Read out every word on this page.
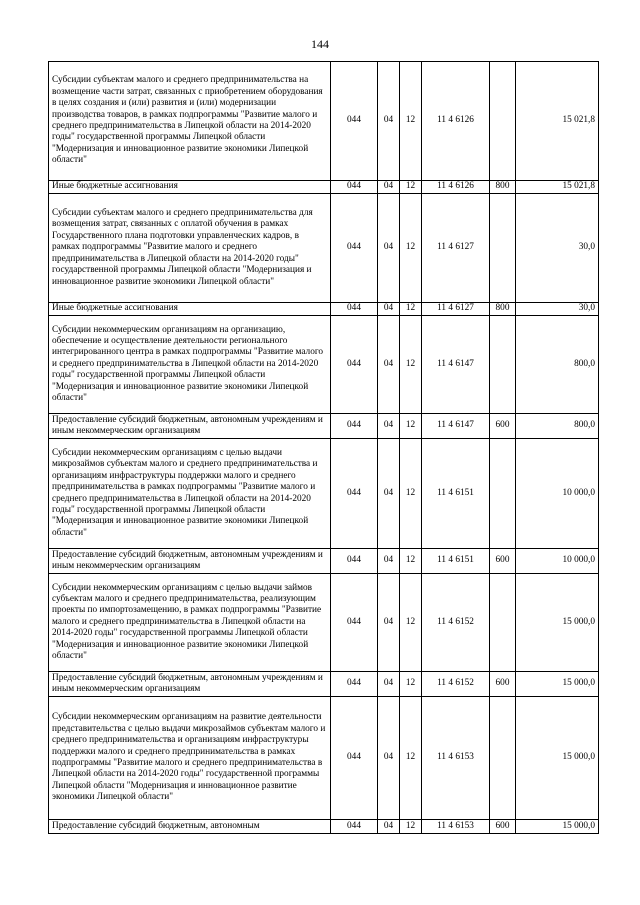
144
Субсидии субъектам малого и среднего предпринимательства на возмещение части затрат, связанных с приобретением оборудования в целях создания и (или) развития и (или) модернизации производства товаров, в рамках подпрограммы "Развитие малого и среднего предпринимательства в Липецкой области на 2014-2020 годы" государственной программы Липецкой области "Модернизация и инновационное развитие экономики Липецкой области"	044	04	12	11 4 6126		15 021,8
Иные бюджетные ассигнования	044	04	12	11 4 6126	800	15 021,8
Субсидии субъектам малого и среднего предпринимательства для возмещения затрат, связанных с оплатой обучения в рамках Государственного плана подготовки управленческих кадров, в рамках подпрограммы "Развитие малого и среднего предпринимательства в Липецкой области на 2014-2020 годы" государственной программы Липецкой области "Модернизация и инновационное развитие экономики Липецкой области"	044	04	12	11 4 6127		30,0
Иные бюджетные ассигнования	044	04	12	11 4 6127	800	30,0
Субсидии некоммерческим организациям на организацию, обеспечение и осуществление деятельности регионального интегрированного центра в рамках подпрограммы "Развитие малого и среднего предпринимательства в Липецкой области на 2014-2020 годы" государственной программы Липецкой области "Модернизация и инновационное развитие экономики Липецкой области"	044	04	12	11 4 6147		800,0
Предоставление субсидий бюджетным, автономным учреждениям и иным некоммерческим организациям	044	04	12	11 4 6147	600	800,0
Субсидии некоммерческим организациям с целью выдачи микрозаймов субъектам малого и среднего предпринимательства и организациям инфраструктуры поддержки малого и среднего предпринимательства в рамках подпрограммы "Развитие малого и среднего предпринимательства в Липецкой области на 2014-2020 годы" государственной программы Липецкой области "Модернизация и инновационное развитие экономики Липецкой области"	044	04	12	11 4 6151		10 000,0
Предоставление субсидий бюджетным, автономным учреждениям и иным некоммерческим организациям	044	04	12	11 4 6151	600	10 000,0
Субсидии некоммерческим организациям с целью выдачи займов субъектам малого и среднего предпринимательства, реализующим проекты по импортозамещению, в рамках подпрограммы "Развитие малого и среднего предпринимательства в Липецкой области на 2014-2020 годы" государственной программы Липецкой области "Модернизация и инновационное развитие экономики Липецкой области"	044	04	12	11 4 6152		15 000,0
Предоставление субсидий бюджетным, автономным учреждениям и иным некоммерческим организациям	044	04	12	11 4 6152	600	15 000,0
Субсидии некоммерческим организациям на развитие деятельности представительства с целью выдачи микрозаймов субъектам малого и среднего предпринимательства и организациям инфраструктуры поддержки малого и среднего предпринимательства в рамках подпрограммы "Развитие малого и среднего предпринимательства в Липецкой области на 2014-2020 годы" государственной программы Липецкой области "Модернизация и инновационное развитие экономики Липецкой области"	044	04	12	11 4 6153		15 000,0
Предоставление субсидий бюджетным, автономным	044	04	12	11 4 6153	600	15 000,0
